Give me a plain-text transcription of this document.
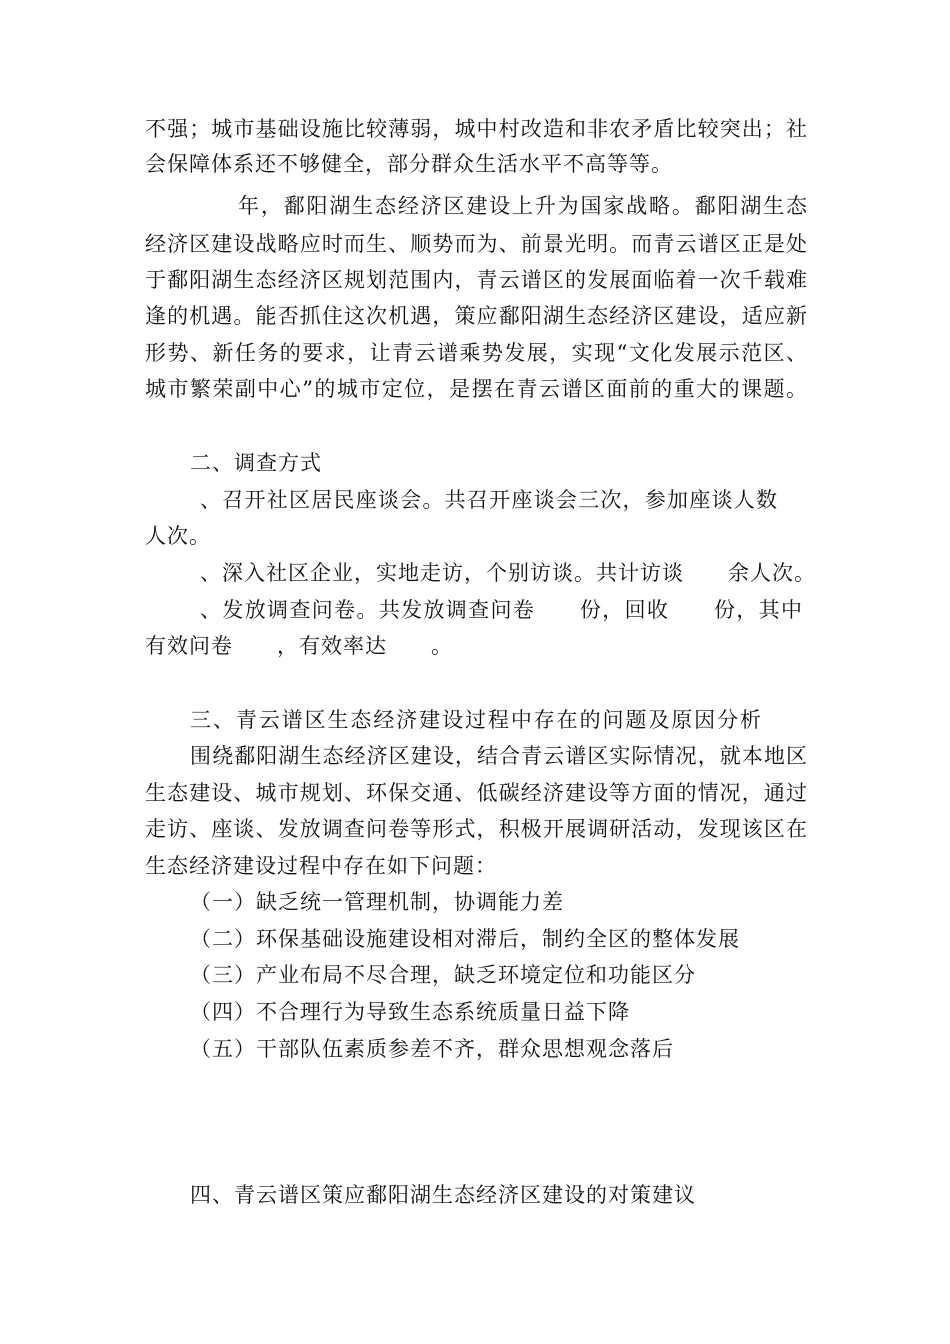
不强；城市基础设施比较薄弱，城中村改造和非农矛盾比较突出；社
会保障体系还不够健全，部分群众生活水平不高等等。
年，鄱阳湖生态经济区建设上升为国家战略。鄱阳湖生态
经济区建设战略应时而生、顺势而为、前景光明。而青云谱区正是处
于鄱阳湖生态经济区规划范围内，青云谱区的发展面临着一次千载难
逢的机遇。能否抓住这次机遇，策应鄱阳湖生态经济区建设，适应新
形势、新任务的要求，让青云谱乘势发展，实现“文化发展示范区、
城市繁荣副中心”的城市定位，是摆在青云谱区面前的重大的课题。
二、调查方式
、召开社区居民座谈会。共召开座谈会三次，参加座谈人数
人次。
、深入社区企业，实地走访，个别访谈。共计访谈　　余人次。
、发放调查问卷。共发放调查问卷　　份，回收　　份，其中
有效问卷　　，有效率达　　。
三、青云谱区生态经济建设过程中存在的问题及原因分析
围绕鄱阳湖生态经济区建设，结合青云谱区实际情况，就本地区
生态建设、城市规划、环保交通、低碳经济建设等方面的情况，通过
走访、座谈、发放调查问卷等形式，积极开展调研活动，发现该区在
生态经济建设过程中存在如下问题：
（一）缺乏统一管理机制，协调能力差
（二）环保基础设施建设相对滞后，制约全区的整体发展
（三）产业布局不尽合理，缺乏环境定位和功能区分
（四）不合理行为导致生态系统质量日益下降
（五）干部队伍素质参差不齐，群众思想观念落后
四、青云谱区策应鄱阳湖生态经济区建设的对策建议
